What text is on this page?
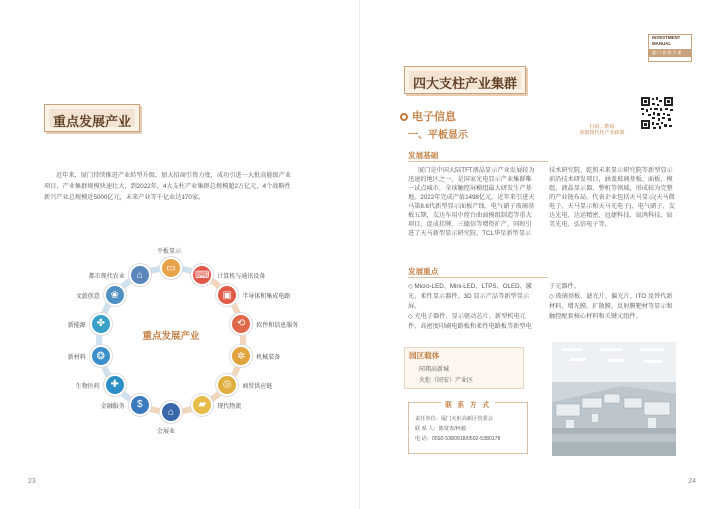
重点发展产业

近年来，厦门持续推进产业转型升级，加大招商引资力度，成功引进一大批高能级产业项目，产业集群规模快速壮大，到2022年，4大支柱产业集群总规模超2万亿元，4个战略性新兴产业总规模近5000亿元，未来产业等千亿业达170家。

重点发展产业
▭
平板显示
⌨	计算机与通讯设备
▣	半导体和集成电路
⟲	软件和信息服务
✲	机械装备
◎	商贸供应链
▰	现代物流
⌂
会展业
$
金融服务
✚
生物医药
❂
新材料
✤
新能源
❀
文旅创意
⌂
都市现代农业
23
INVESTMENT
MANUAL
厦 门 投 资 手 册
四大支柱产业集群
电子信息
一、平板显示
扫码二维码
获取现代化产业政策
发展基础

厦门是中国大陆TFT液晶显示产业发展较为迅速的地区之一，是国家光电显示产业集群唯一试点城市，全球触控屏模组最大研发生产基地。2022年完成产值1498亿元。近年来引进天马第8.6代新型显示面板产线、电气硝子玻璃基板五期，友达车用中控台曲面模组制造等重大项目，促成挂牌、三德信等增资扩产，同时引进了天马新型显示研究院、TCL华星新型显示技术研究院、乾照未来显示研究院等新型显示前沿技术研发项目，涵盖玻璃基板、面板、模组、液晶显示器、整机等领域，形成较为完整的产业链布局。代表企业包括天马显示(天马微电子、天马显示和天马光电子)、电气硝子、友达光电、达运精密、冠捷科技、宸鸿科技、宸美光电、弘信电子等。

发展重点
◇ Micro-LED、Mini-LED、LTPS、OLED、激光、柔性显示器件、3D 显示产品等新型显示屏。
◇ 光电子器件、显示驱动芯片、新型机电元件、高密度印刷电路板和柔性电路板等新型电子元器件。
◇ 玻璃基板、滤光片、偏光片、ITO 及替代新材料、增光膜、扩散膜、反射膜靶材等显示和触控配套核心材料和关键元组件。
园区载体
同翔高新城
火炬（同安）产业区
联 系 方 式
责任单位：厦门火炬高新区管委会
联 系 人：陈贤贵/柯毅
电 话：0592-5380918/0592-5380178
24
